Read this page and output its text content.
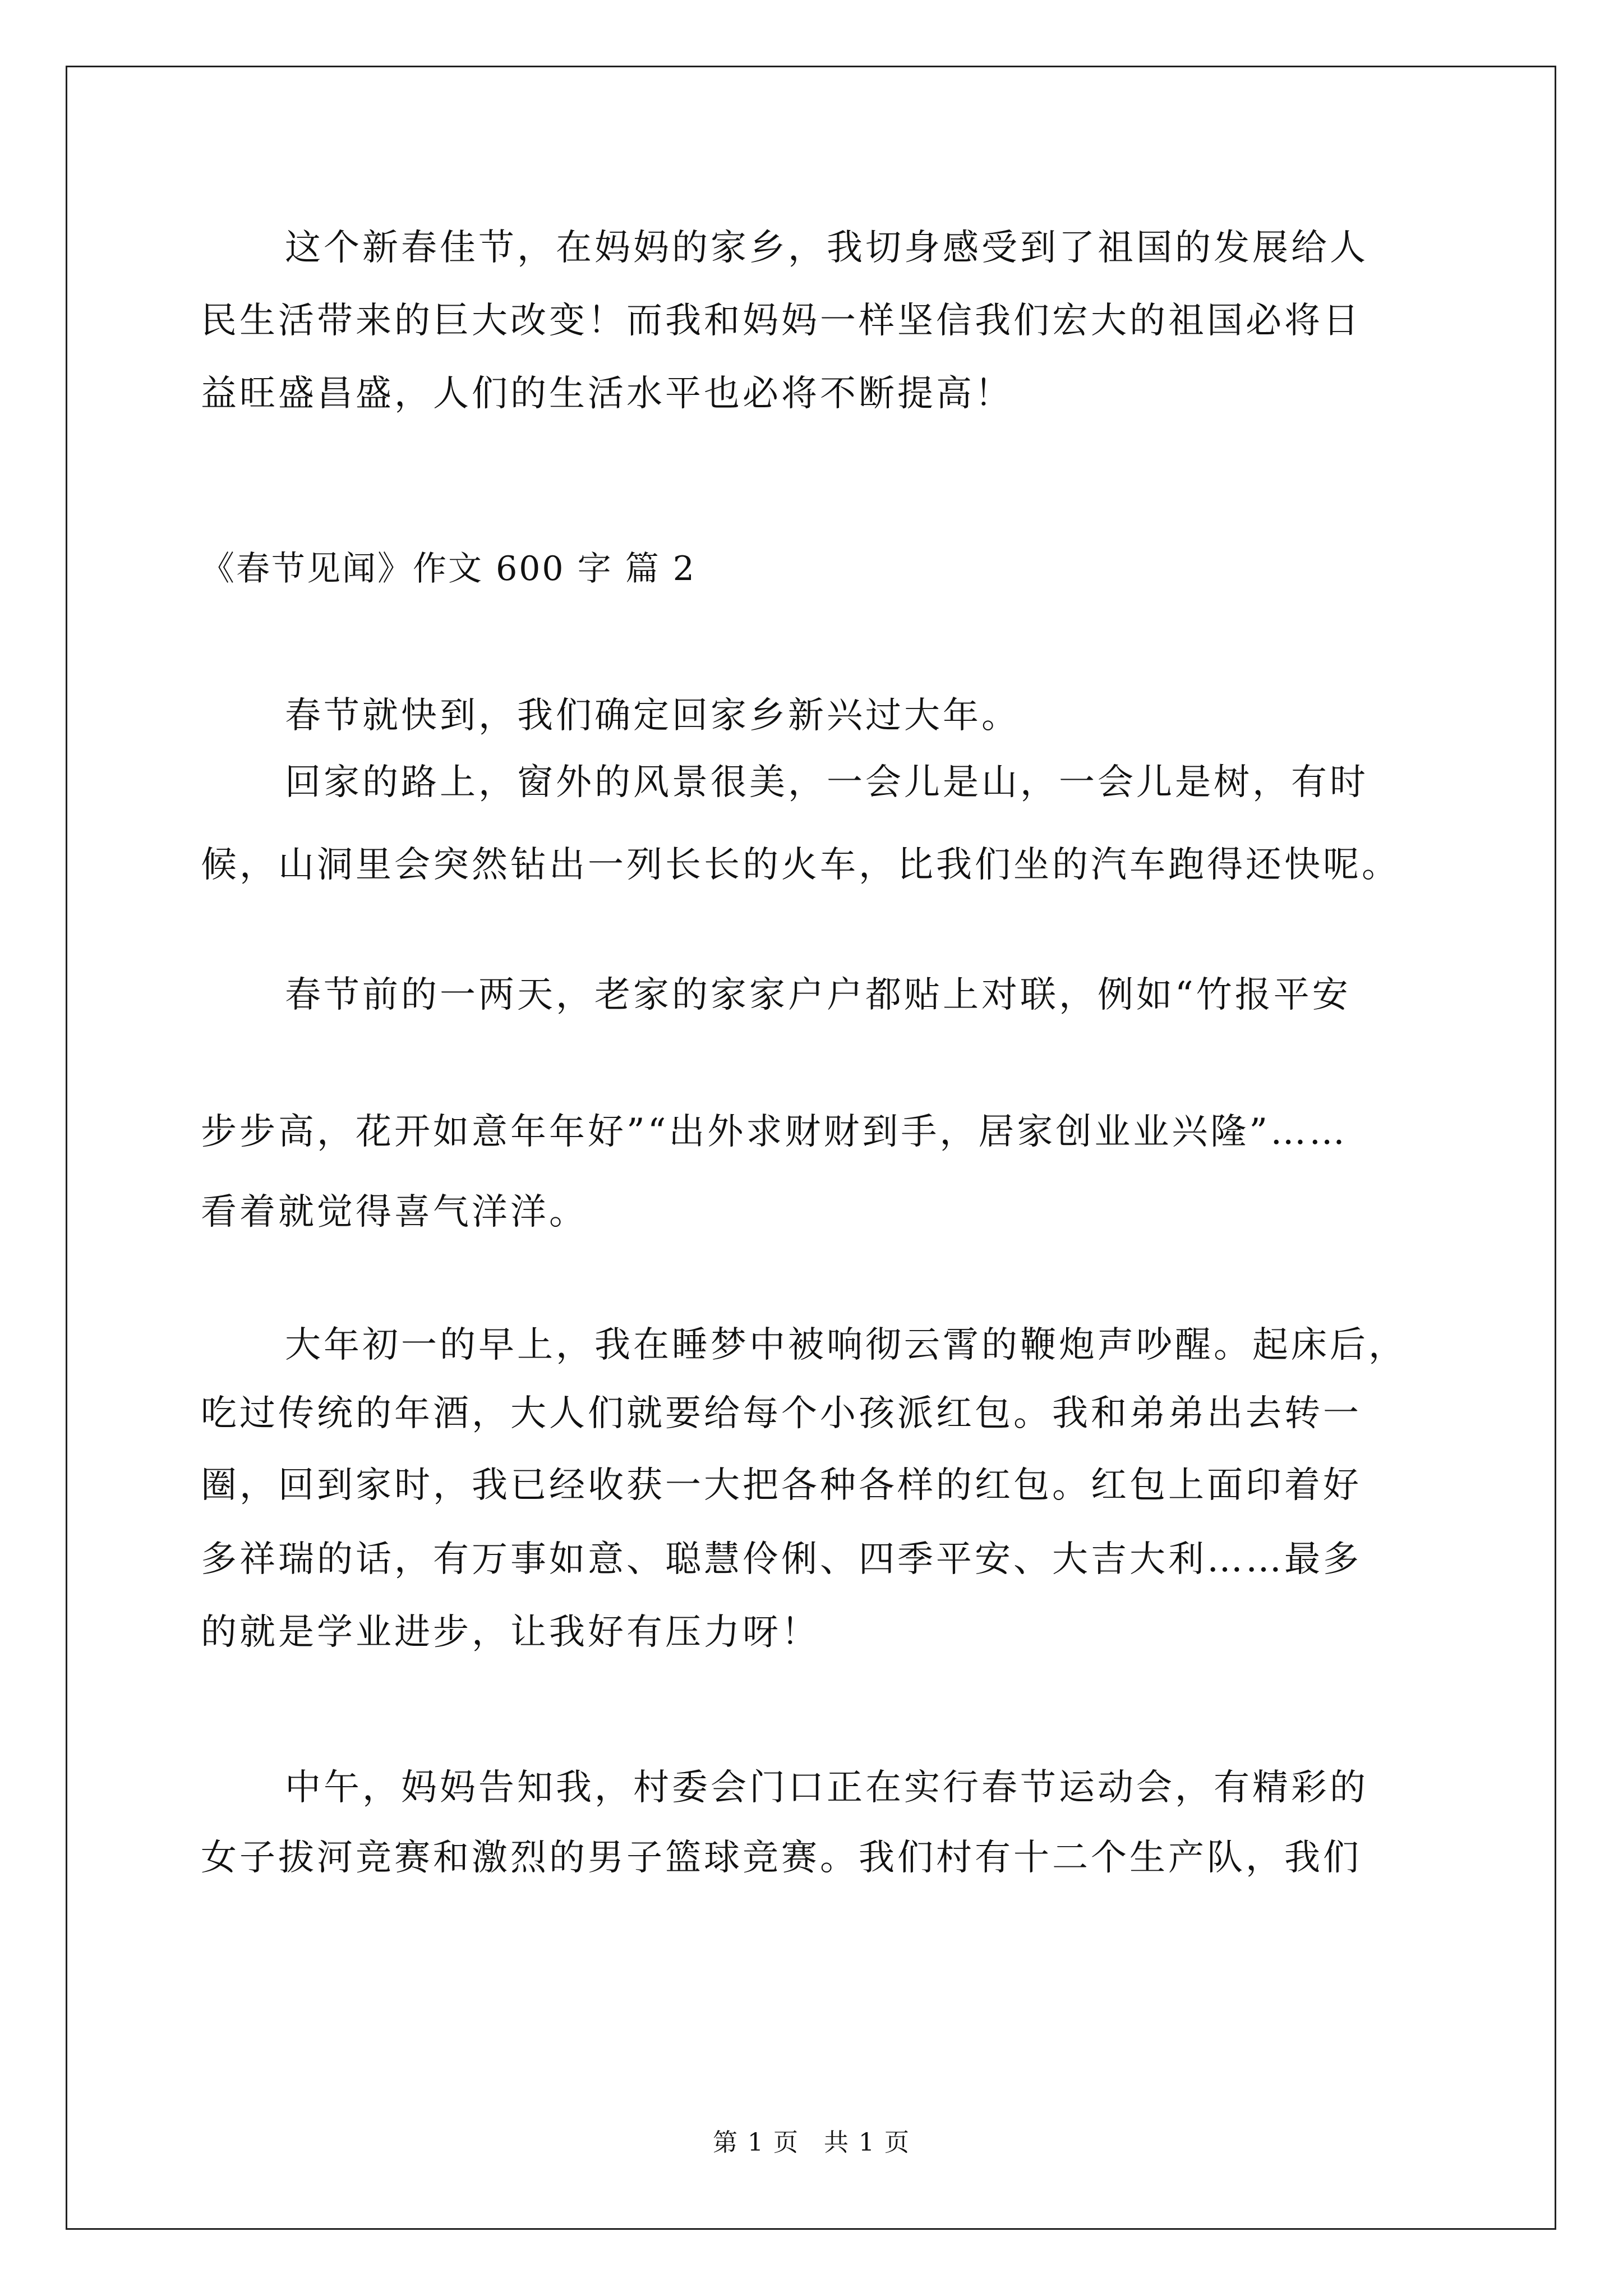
这个新春佳节，在妈妈的家乡，我切身感受到了祖国的发展给人
民生活带来的巨大改变！而我和妈妈一样坚信我们宏大的祖国必将日
益旺盛昌盛，人们的生活水平也必将不断提高！
《春节见闻》作文 600 字 篇 2
春节就快到，我们确定回家乡新兴过大年。
回家的路上，窗外的风景很美，一会儿是山，一会儿是树，有时
候，山洞里会突然钻出一列长长的火车，比我们坐的汽车跑得还快呢。
春节前的一两天，老家的家家户户都贴上对联，例如“竹报平安
步步高，花开如意年年好”“出外求财财到手，居家创业业兴隆”……
看着就觉得喜气洋洋。
大年初一的早上，我在睡梦中被响彻云霄的鞭炮声吵醒。起床后，
吃过传统的年酒，大人们就要给每个小孩派红包。我和弟弟出去转一
圈，回到家时，我已经收获一大把各种各样的红包。红包上面印着好
多祥瑞的话，有万事如意、聪慧伶俐、四季平安、大吉大利……最多
的就是学业进步，让我好有压力呀！
中午，妈妈告知我，村委会门口正在实行春节运动会，有精彩的
女子拔河竞赛和激烈的男子篮球竞赛。我们村有十二个生产队，我们
第 1 页 共 1 页
